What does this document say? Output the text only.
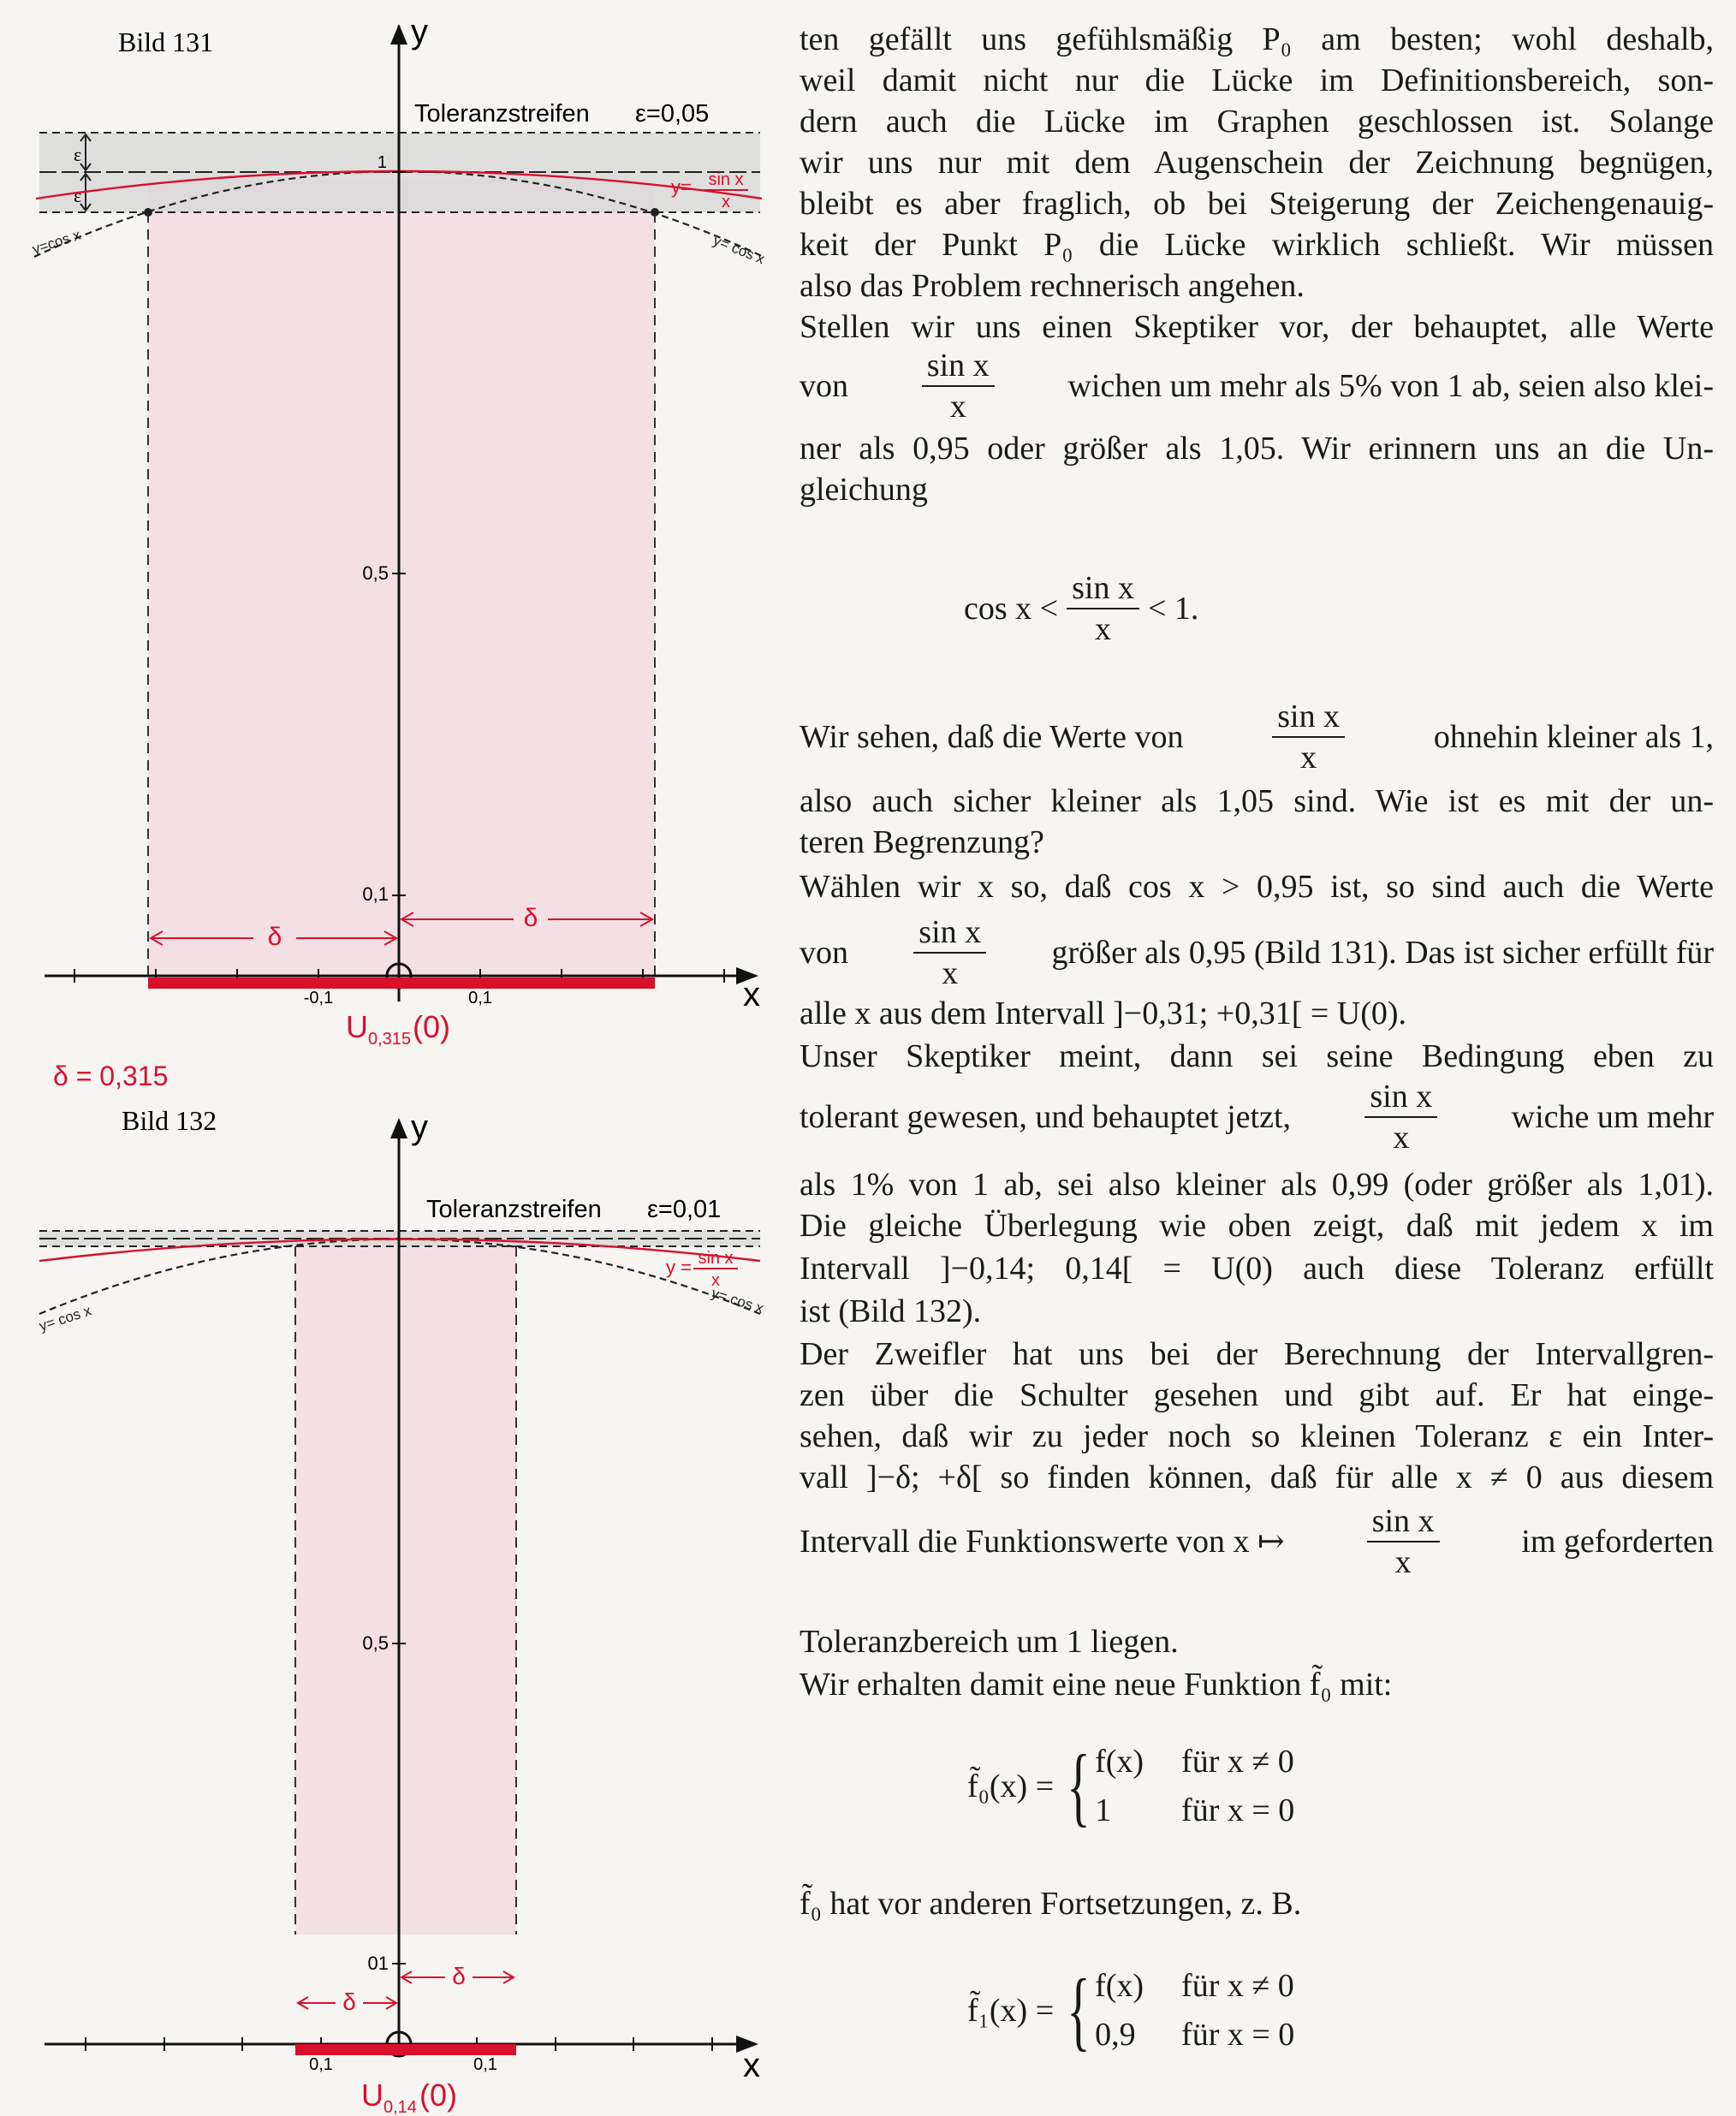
ε
ε
y
x
1
0,5
0,1
-0,1	0,1
δ
δ
y=cos x	y= cos x
y= sin x
x
Bild 131
Toleranzstreifen ε=0,05
U 0,315 (0)
δ = 0,315
y
x
0,5
01
0,1	0,1
δ
δ
y= cos x
y= cos x
y = sin x
x
Bild 132
Toleranzstreifen ε=0,01
U 0,14 (0)
ten gefällt uns gefühlsmäßig P₀ am besten; wohl deshalb,
weil damit nicht nur die Lücke im Definitionsbereich, son-
dern auch die Lücke im Graphen geschlossen ist. Solange
wir uns nur mit dem Augenschein der Zeichnung begnügen,
bleibt es aber fraglich, ob bei Steigerung der Zeichengenauig-
keit der Punkt P₀ die Lücke wirklich schließt. Wir müssen
also das Problem rechnerisch angehen.
Stellen wir uns einen Skeptiker vor, der behauptet, alle Werte
von $\frac{\text{sin x}}{x}$ wichen um mehr als 5% von 1 ab, seien also klei-
ner als 0,95 oder größer als 1,05. Wir erinnern uns an die Un-
gleichung
$\cos x < \frac{\text{sin x}}{x} < 1$.
Wir sehen, daß die Werte von	$\frac{\text{sin x}}{x}$	ohnehin kleiner als 1,
also auch sicher kleiner als 1,05 sind. Wie ist es mit der un-
teren Begrenzung?
Wählen wir x so, daß cos x > 0,95 ist, so sind auch die Werte
von $\frac{\text{sin x}}{x}$ größer als 0,95 (Bild 131). Das ist sicher erfüllt für
alle x aus dem Intervall ]−0,31; +0,31[ = U(0).
Unser Skeptiker meint, dann sei seine Bedingung eben zu
tolerant gewesen, und behauptet jetzt, $\frac{\text{sin x}}{x}$ wiche um mehr
als 1% von 1 ab, sei also kleiner als 0,99 (oder größer als 1,01).
Die gleiche Überlegung wie oben zeigt, daß mit jedem x im
Intervall ]−0,14; 0,14[ = U(0) auch diese Toleranz erfüllt
ist (Bild 132).
Der Zweifler hat uns bei der Berechnung der Intervallgren-
zen über die Schulter gesehen und gibt auf. Er hat einge-
sehen, daß wir zu jeder noch so kleinen Toleranz ε ein Inter-
vall ]−δ; +δ[ so finden können, daß für alle x ≠ 0 aus diesem
Intervall die Funktionswerte von x ↦	$\frac{\text{sin x}}{x}$	im geforderten
Toleranzbereich um 1 liegen.
Wir erhalten damit eine neue Funktion f̃₀ mit:
f̃₀(x) = { f(x) für x ≠ 0
1	für x = 0
f̃₀ hat vor anderen Fortsetzungen, z. B.
f̃₁(x) = { f(x) für x ≠ 0
0,9 für x = 0
